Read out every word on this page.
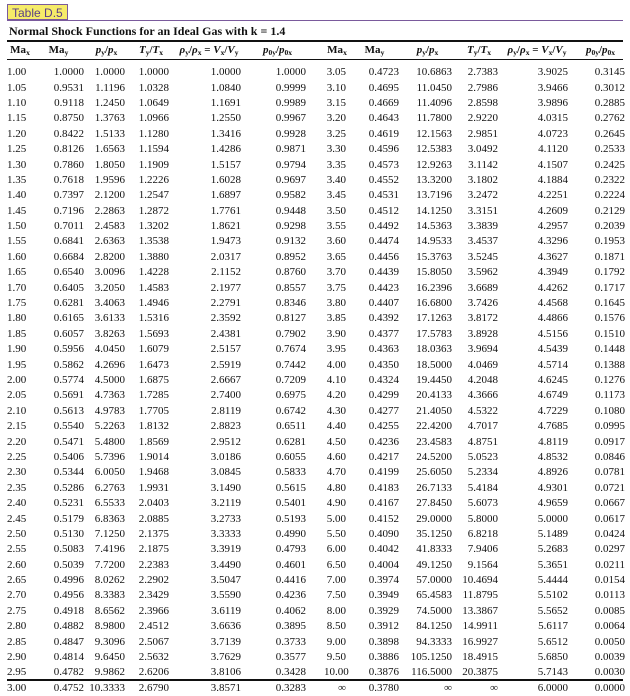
Table D.5
Normal Shock Functions for an Ideal Gas with k = 1.4
$Ma_x$	$Ma_y$	$p_y/p_x$	$T_y/T_x$	$\rho_y/\rho_x = V_x/V_y$	$p_{0y}/p_{0x}$		$Ma_x$	$Ma_y$	$p_y/p_x$	$T_y/T_x$	$\rho_y/\rho_x = V_x/V_y$	$p_{0y}/p_{0x}$
1.00	1.0000	1.0000	1.0000	1.0000	1.0000		3.05	0.4723	10.6863	2.7383	3.9025	0.3145
1.05	0.9531	1.1196	1.0328	1.0840	0.9999		3.10	0.4695	11.0450	2.7986	3.9466	0.3012
1.10	0.9118	1.2450	1.0649	1.1691	0.9989		3.15	0.4669	11.4096	2.8598	3.9896	0.2885
1.15	0.8750	1.3763	1.0966	1.2550	0.9967		3.20	0.4643	11.7800	2.9220	4.0315	0.2762
1.20	0.8422	1.5133	1.1280	1.3416	0.9928		3.25	0.4619	12.1563	2.9851	4.0723	0.2645
1.25	0.8126	1.6563	1.1594	1.4286	0.9871		3.30	0.4596	12.5383	3.0492	4.1120	0.2533
1.30	0.7860	1.8050	1.1909	1.5157	0.9794		3.35	0.4573	12.9263	3.1142	4.1507	0.2425
1.35	0.7618	1.9596	1.2226	1.6028	0.9697		3.40	0.4552	13.3200	3.1802	4.1884	0.2322
1.40	0.7397	2.1200	1.2547	1.6897	0.9582		3.45	0.4531	13.7196	3.2472	4.2251	0.2224
1.45	0.7196	2.2863	1.2872	1.7761	0.9448		3.50	0.4512	14.1250	3.3151	4.2609	0.2129
1.50	0.7011	2.4583	1.3202	1.8621	0.9298		3.55	0.4492	14.5363	3.3839	4.2957	0.2039
1.55	0.6841	2.6363	1.3538	1.9473	0.9132		3.60	0.4474	14.9533	3.4537	4.3296	0.1953
1.60	0.6684	2.8200	1.3880	2.0317	0.8952		3.65	0.4456	15.3763	3.5245	4.3627	0.1871
1.65	0.6540	3.0096	1.4228	2.1152	0.8760		3.70	0.4439	15.8050	3.5962	4.3949	0.1792
1.70	0.6405	3.2050	1.4583	2.1977	0.8557		3.75	0.4423	16.2396	3.6689	4.4262	0.1717
1.75	0.6281	3.4063	1.4946	2.2791	0.8346		3.80	0.4407	16.6800	3.7426	4.4568	0.1645
1.80	0.6165	3.6133	1.5316	2.3592	0.8127		3.85	0.4392	17.1263	3.8172	4.4866	0.1576
1.85	0.6057	3.8263	1.5693	2.4381	0.7902		3.90	0.4377	17.5783	3.8928	4.5156	0.1510
1.90	0.5956	4.0450	1.6079	2.5157	0.7674		3.95	0.4363	18.0363	3.9694	4.5439	0.1448
1.95	0.5862	4.2696	1.6473	2.5919	0.7442		4.00	0.4350	18.5000	4.0469	4.5714	0.1388
2.00	0.5774	4.5000	1.6875	2.6667	0.7209		4.10	0.4324	19.4450	4.2048	4.6245	0.1276
2.05	0.5691	4.7363	1.7285	2.7400	0.6975		4.20	0.4299	20.4133	4.3666	4.6749	0.1173
2.10	0.5613	4.9783	1.7705	2.8119	0.6742		4.30	0.4277	21.4050	4.5322	4.7229	0.1080
2.15	0.5540	5.2263	1.8132	2.8823	0.6511		4.40	0.4255	22.4200	4.7017	4.7685	0.0995
2.20	0.5471	5.4800	1.8569	2.9512	0.6281		4.50	0.4236	23.4583	4.8751	4.8119	0.0917
2.25	0.5406	5.7396	1.9014	3.0186	0.6055		4.60	0.4217	24.5200	5.0523	4.8532	0.0846
2.30	0.5344	6.0050	1.9468	3.0845	0.5833		4.70	0.4199	25.6050	5.2334	4.8926	0.0781
2.35	0.5286	6.2763	1.9931	3.1490	0.5615		4.80	0.4183	26.7133	5.4184	4.9301	0.0721
2.40	0.5231	6.5533	2.0403	3.2119	0.5401		4.90	0.4167	27.8450	5.6073	4.9659	0.0667
2.45	0.5179	6.8363	2.0885	3.2733	0.5193		5.00	0.4152	29.0000	5.8000	5.0000	0.0617
2.50	0.5130	7.1250	2.1375	3.3333	0.4990		5.50	0.4090	35.1250	6.8218	5.1489	0.0424
2.55	0.5083	7.4196	2.1875	3.3919	0.4793		6.00	0.4042	41.8333	7.9406	5.2683	0.0297
2.60	0.5039	7.7200	2.2383	3.4490	0.4601		6.50	0.4004	49.1250	9.1564	5.3651	0.0211
2.65	0.4996	8.0262	2.2902	3.5047	0.4416		7.00	0.3974	57.0000	10.4694	5.4444	0.0154
2.70	0.4956	8.3383	2.3429	3.5590	0.4236		7.50	0.3949	65.4583	11.8795	5.5102	0.0113
2.75	0.4918	8.6562	2.3966	3.6119	0.4062		8.00	0.3929	74.5000	13.3867	5.5652	0.0085
2.80	0.4882	8.9800	2.4512	3.6636	0.3895		8.50	0.3912	84.1250	14.9911	5.6117	0.0064
2.85	0.4847	9.3096	2.5067	3.7139	0.3733		9.00	0.3898	94.3333	16.9927	5.6512	0.0050
2.90	0.4814	9.6450	2.5632	3.7629	0.3577		9.50	0.3886	105.1250	18.4915	5.6850	0.0039
2.95	0.4782	9.9862	2.6206	3.8106	0.3428		10.00	0.3876	116.5000	20.3875	5.7143	0.0030
3.00	0.4752	10.3333	2.6790	3.8571	0.3283		∞	0.3780	∞	∞	6.0000	0.0000
